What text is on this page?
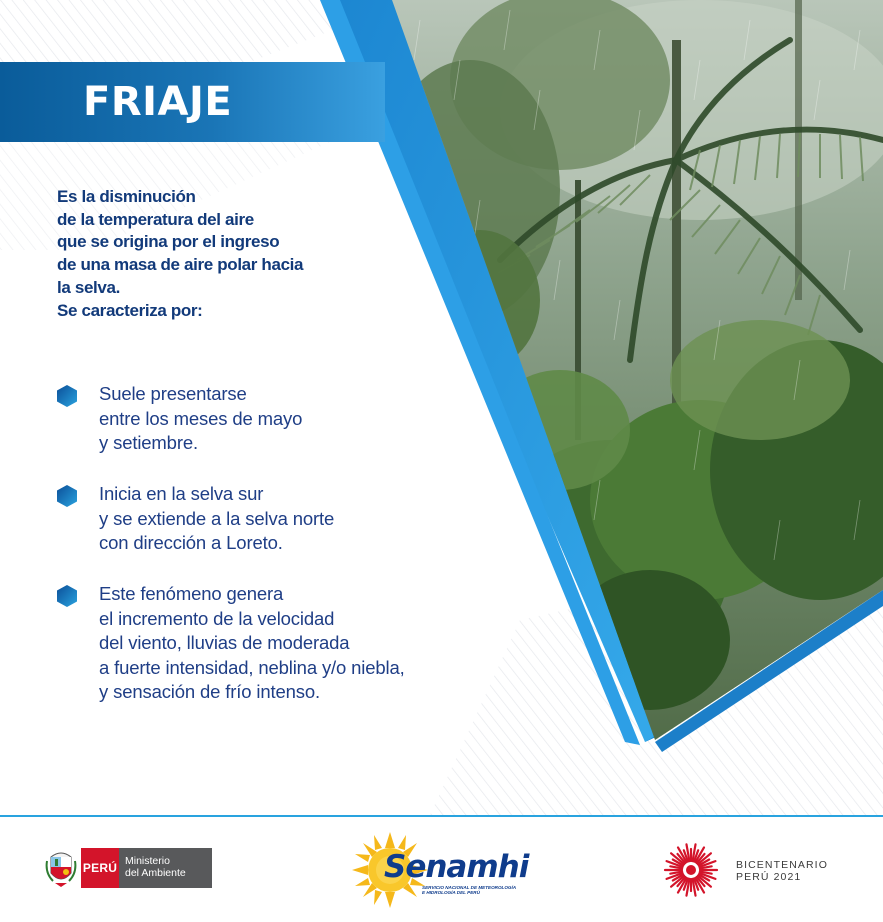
FRIAJE
Es la disminución
de la temperatura del aire
que se origina por el ingreso
de una masa de aire polar hacia
la selva.
Se caracteriza por:
Suele presentarse
entre los meses de mayo
y setiembre.
Inicia en la selva sur
y se extiende a la selva norte
con dirección a Loreto.
Este fenómeno genera
el incremento de la velocidad
del viento, lluvias de moderada
a fuerte intensidad, neblina y/o niebla,
y sensación de frío intenso.
PERÚ Ministerio
del Ambiente	Senamhi
SERVICIO NACIONAL DE METEOROLOGÍA
E HIDROLOGÍA DEL PERÚ
BICENTENARIO
PERÚ 2021
